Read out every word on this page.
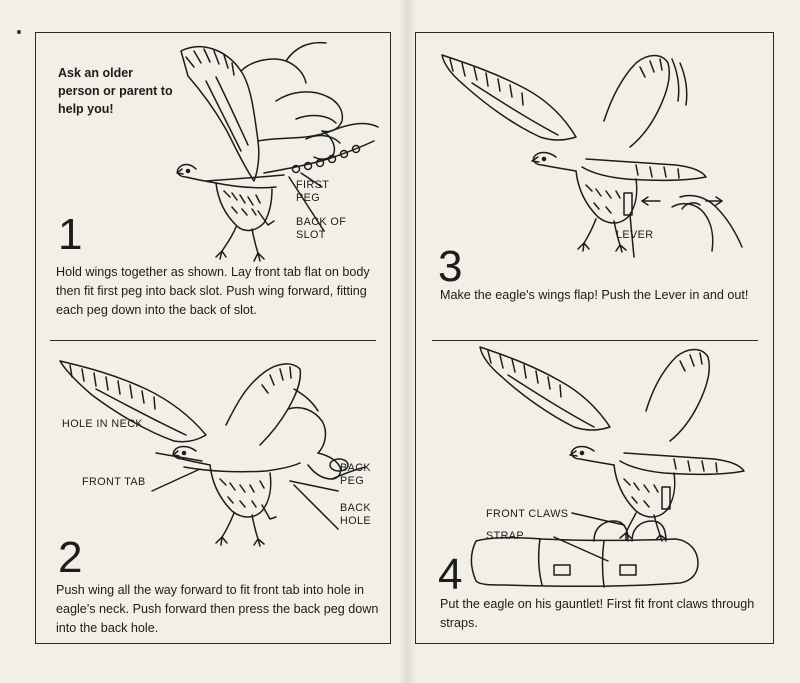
Ask an older person or parent to help you!
FIRST
PEG
BACK OF
SLOT
1
Hold wings together as shown. Lay front tab flat on body then fit first peg into back slot. Push wing forward, fitting each peg down into the back of slot.
HOLE IN NECK
FRONT TAB
BACK
PEG
BACK
HOLE
2
Push wing all the way forward to fit front tab into hole in eagle's neck. Push forward then press the back peg down into the back hole.
LEVER
3
Make the eagle's wings flap! Push the Lever in and out!
FRONT CLAWS
STRAP
4
Put the eagle on his gauntlet! First fit front claws through straps.
